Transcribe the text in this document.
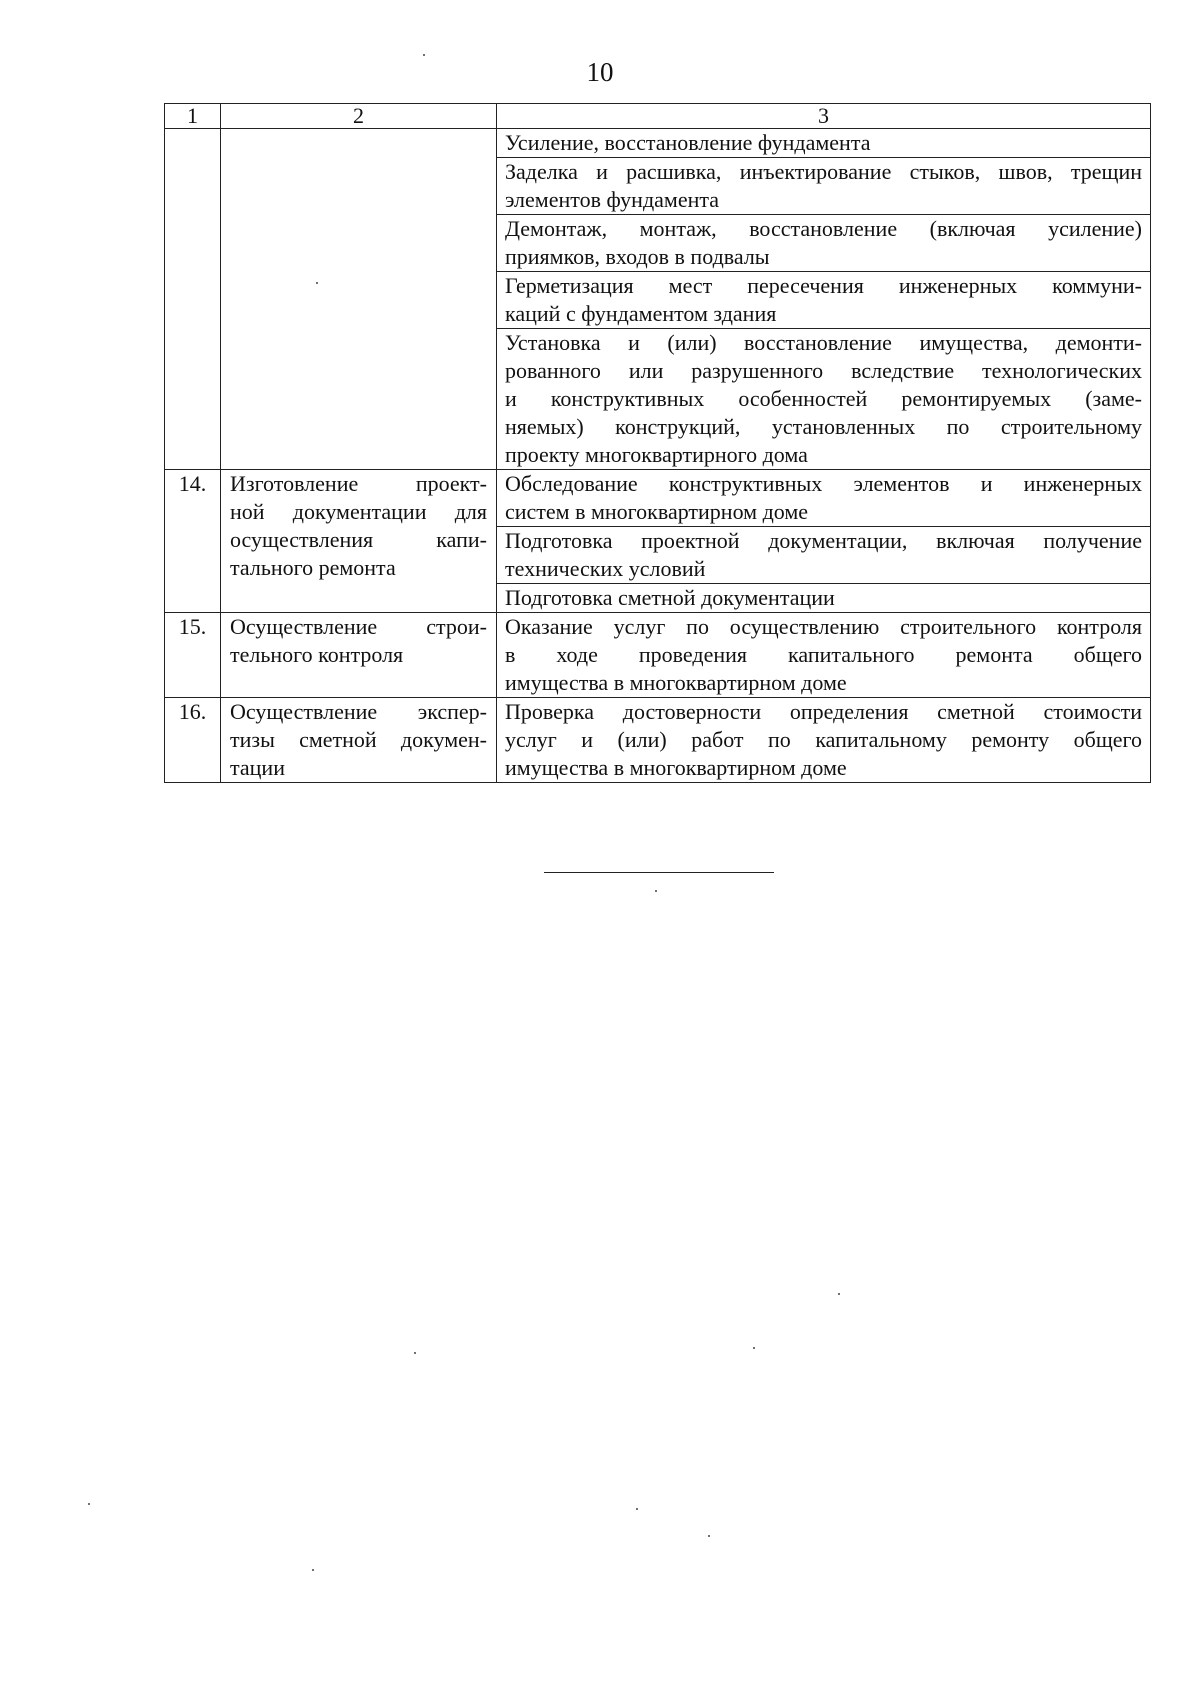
10
1	2	3

		Усиление, восстановление фундамента

		Заделка и расшивка, инъектирование стыков, швов, трещин
элементов фундамента

		Демонтаж, монтаж, восстановление (включая усиление)
приямков, входов в подвалы

		Герметизация мест пересечения инженерных коммуни-
каций с фундаментом здания

		Установка и (или) восстановление имущества, демонти-
рованного или разрушенного вследствие технологических
и конструктивных особенностей ремонтируемых (заме-
няемых) конструкций, установленных по строительному
проекту многоквартирного дома

14.	Изготовление проект-
ной документации для
осуществления капи-
тального ремонта	Обследование конструктивных элементов и инженерных
систем в многоквартирном доме

		Подготовка проектной документации, включая получение
технических условий

		Подготовка сметной документации

15.	Осуществление строи-
тельного контроля	Оказание услуг по осуществлению строительного контроля
в ходе проведения капитального ремонта общего
имущества в многоквартирном доме

16.	Осуществление экспер-
тизы сметной докумен-
тации	Проверка достоверности определения сметной стоимости
услуг и (или) работ по капитальному ремонту общего
имущества в многоквартирном доме
